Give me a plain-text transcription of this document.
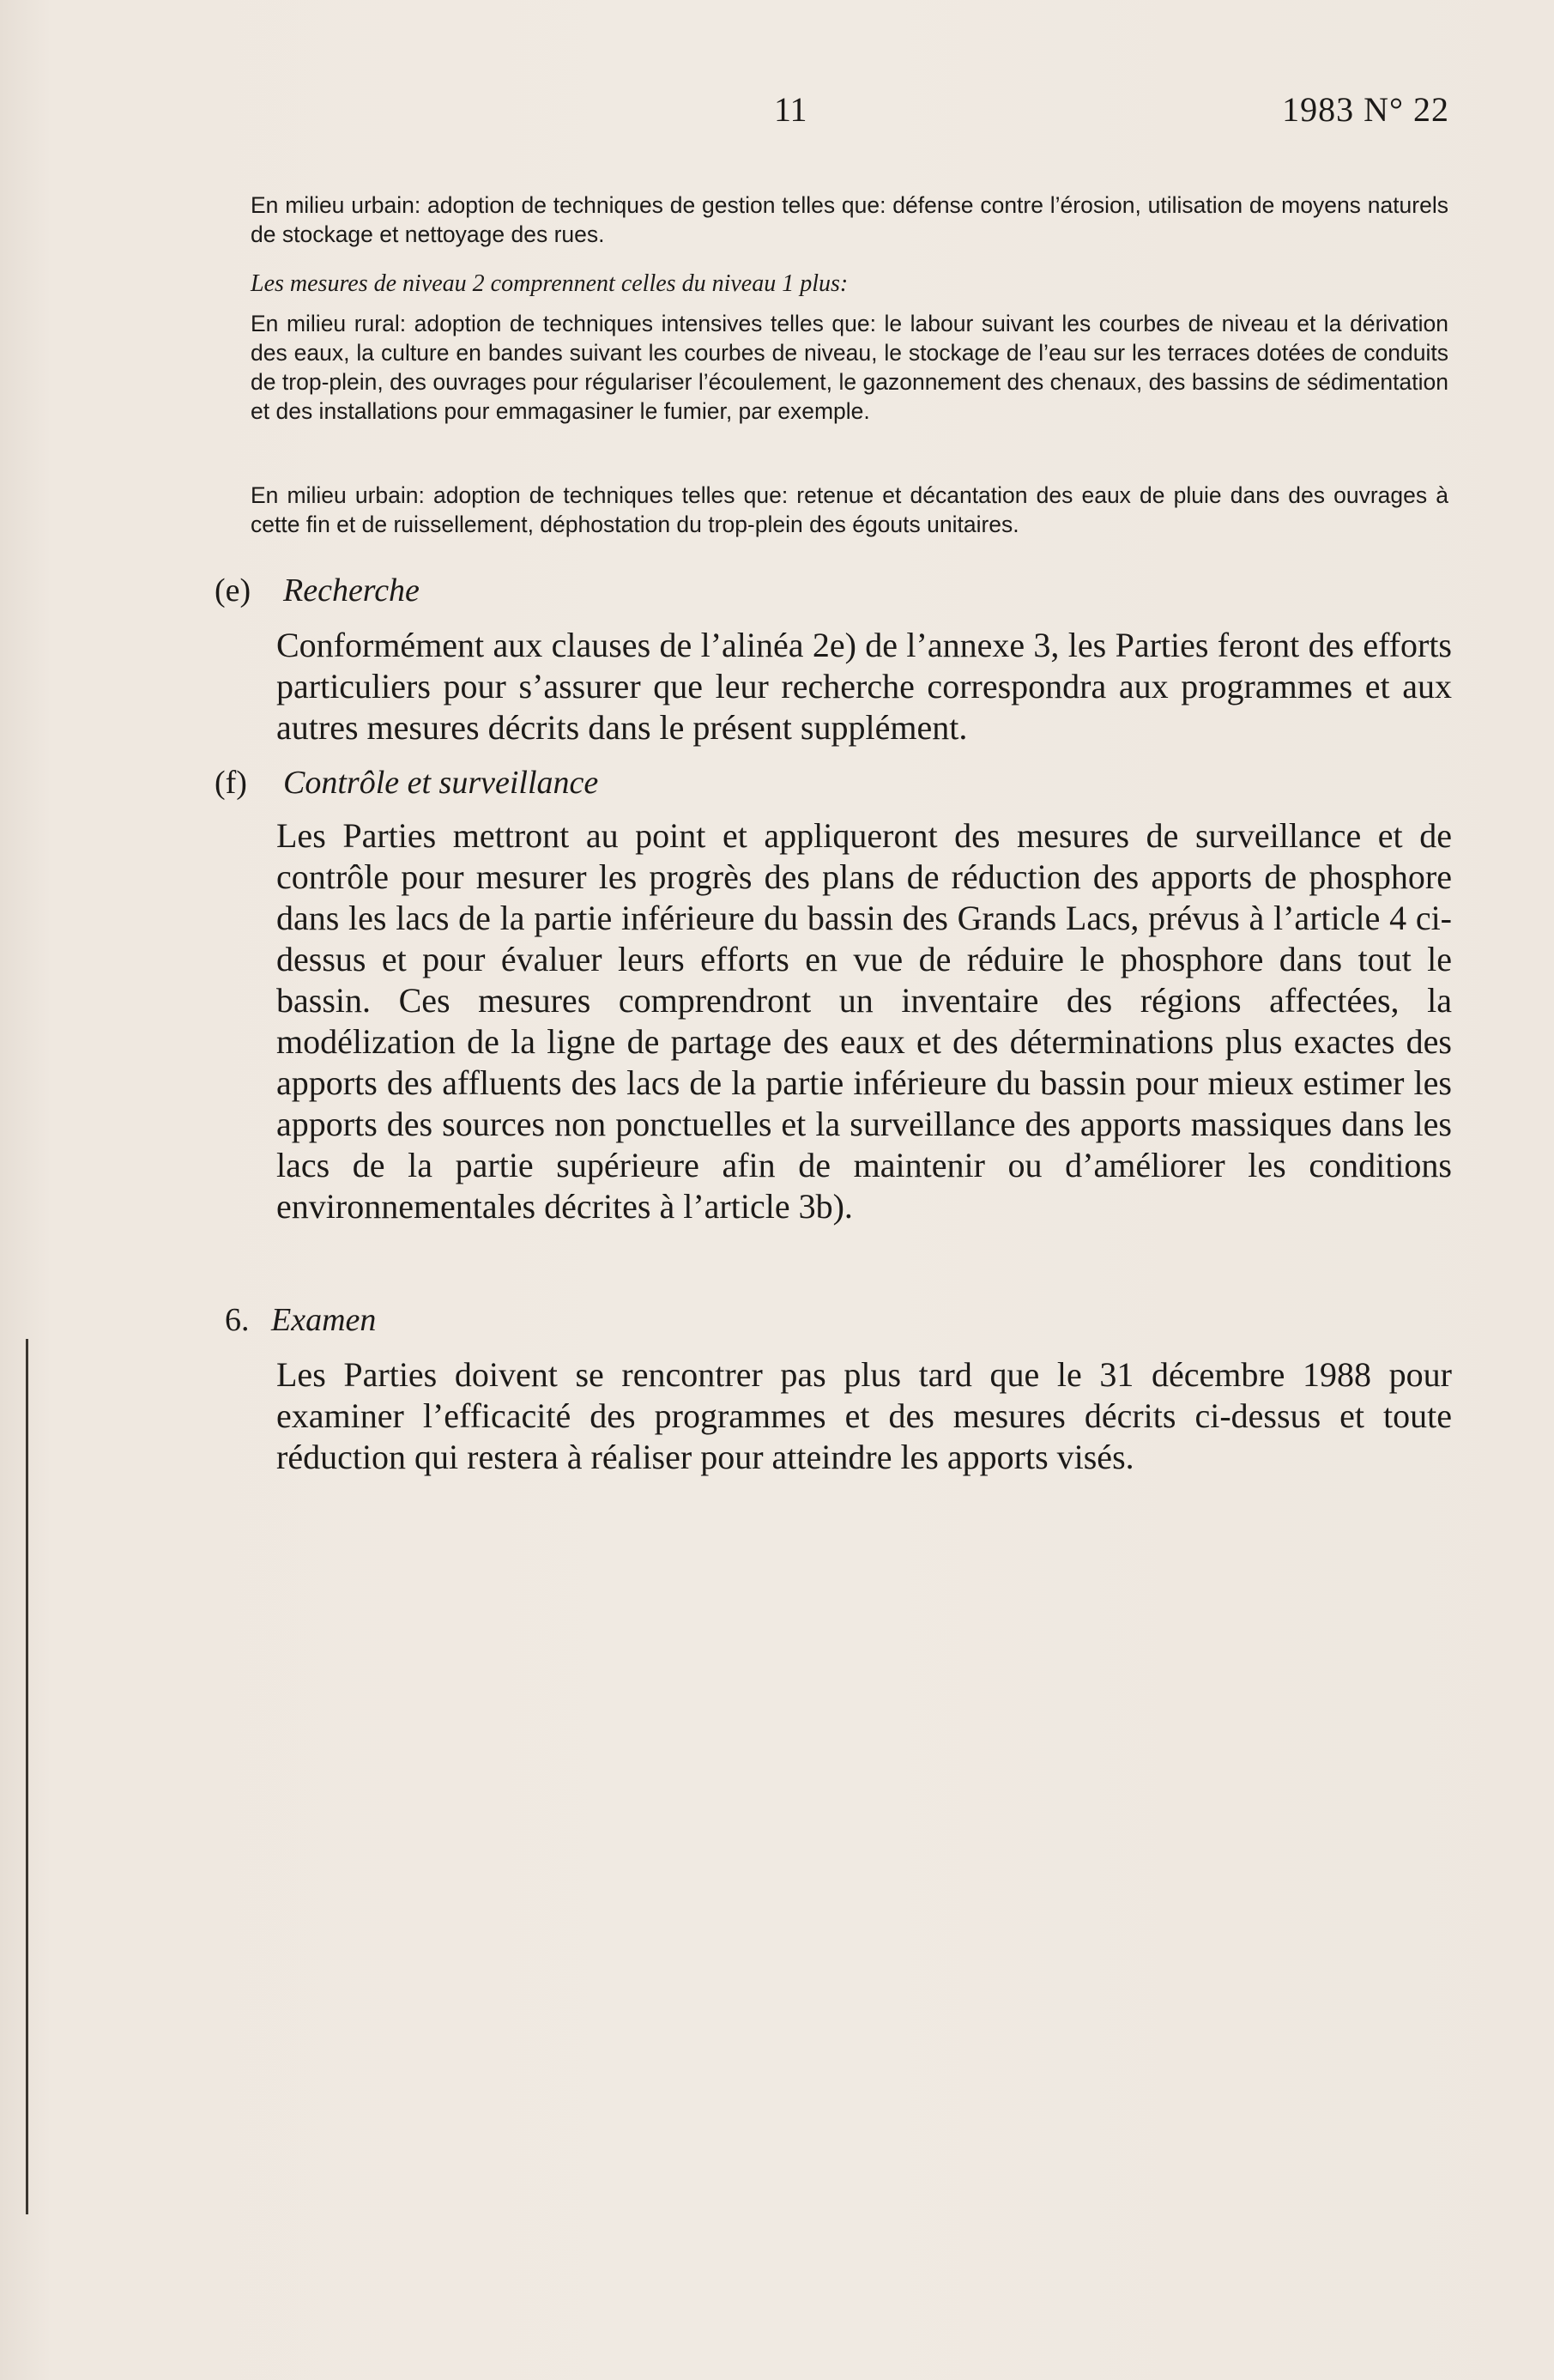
11	1983 N° 22
En milieu urbain: adoption de techniques de gestion telles que: défense contre l’érosion, utilisation de moyens naturels de stockage et nettoyage des rues.
Les mesures de niveau 2 comprennent celles du niveau 1 plus:
En milieu rural: adoption de techniques intensives telles que: le labour suivant les courbes de niveau et la dérivation des eaux, la culture en bandes suivant les courbes de niveau, le stockage de l’eau sur les terraces dotées de conduits de trop-plein, des ouvrages pour régulariser l’écoulement, le gazonnement des chenaux, des bassins de sédimentation et des installations pour emmagasiner le fumier, par exemple.
En milieu urbain: adoption de techniques telles que: retenue et décantation des eaux de pluie dans des ouvrages à cette fin et de ruissellement, déphostation du trop-plein des égouts unitaires.
(e) Recherche
Conformément aux clauses de l’alinéa 2e) de l’annexe 3, les Parties feront des efforts particuliers pour s’assurer que leur recherche correspondra aux programmes et aux autres mesures décrits dans le présent supplément.
(f) Contrôle et surveillance
Les Parties mettront au point et appliqueront des mesures de surveillance et de contrôle pour mesurer les progrès des plans de réduction des apports de phosphore dans les lacs de la partie inférieure du bassin des Grands Lacs, prévus à l’article 4 ci-dessus et pour évaluer leurs efforts en vue de réduire le phosphore dans tout le bassin. Ces mesures comprendront un inventaire des régions affectées, la modélization de la ligne de partage des eaux et des déterminations plus exactes des apports des affluents des lacs de la partie inférieure du bassin pour mieux estimer les apports des sources non ponctuelles et la surveillance des apports massiques dans les lacs de la partie supérieure afin de maintenir ou d’améliorer les conditions environnementales décrites à l’article 3b).
6. Examen
Les Parties doivent se rencontrer pas plus tard que le 31 décembre 1988 pour examiner l’efficacité des programmes et des mesures décrits ci-dessus et toute réduction qui restera à réaliser pour atteindre les apports visés.
